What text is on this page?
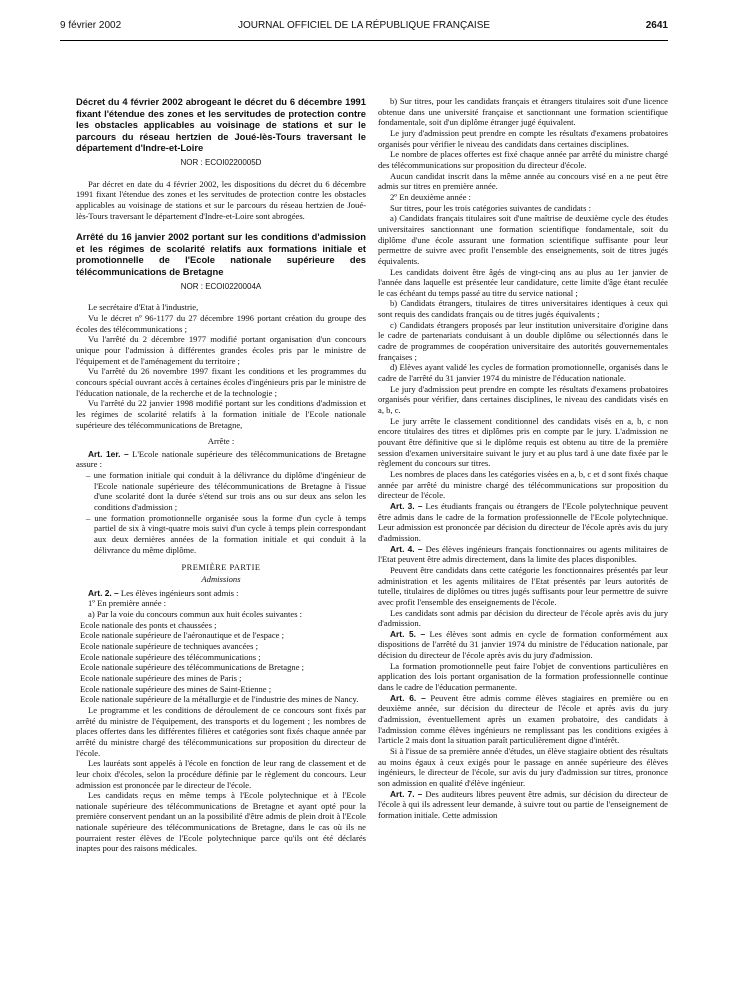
9 février 2002	JOURNAL OFFICIEL DE LA RÉPUBLIQUE FRANÇAISE	2641

Décret du 4 février 2002 abrogeant le décret du 6 décembre 1991 fixant l'étendue des zones et les servitudes de protection contre les obstacles applicables au voisinage de stations et sur le parcours du réseau hertzien de Joué-lès-Tours traversant le département d'Indre-et-Loire

NOR : ECOI0220005D

Par décret en date du 4 février 2002, les dispositions du décret du 6 décembre 1991 fixant l'étendue des zones et les servitudes de protection contre les obstacles applicables au voisinage de stations et sur le parcours du réseau hertzien de Joué-lès-Tours traversant le département d'Indre-et-Loire sont abrogées.

Arrêté du 16 janvier 2002 portant sur les conditions d'admission et les régimes de scolarité relatifs aux formations initiale et promotionnelle de l'Ecole nationale supérieure des télécommunications de Bretagne

NOR : ECOI0220004A

Le secrétaire d'Etat à l'industrie,

Vu le décret nº 96-1177 du 27 décembre 1996 portant création du groupe des écoles des télécommunications ;

Vu l'arrêté du 2 décembre 1977 modifié portant organisation d'un concours unique pour l'admission à différentes grandes écoles pris par le ministre de l'équipement et de l'aménagement du territoire ;

Vu l'arrêté du 26 novembre 1997 fixant les conditions et les programmes du concours spécial ouvrant accès à certaines écoles d'ingénieurs pris par le ministre de l'éducation nationale, de la recherche et de la technologie ;

Vu l'arrêté du 22 janvier 1998 modifié portant sur les conditions d'admission et les régimes de scolarité relatifs à la formation initiale de l'Ecole nationale supérieure des télécommunications de Bretagne,

Arrête :

Art. 1er. – L'Ecole nationale supérieure des télécommunications de Bretagne assure :

– une formation initiale qui conduit à la délivrance du diplôme d'ingénieur de l'Ecole nationale supérieure des télécommunications de Bretagne à l'issue d'une scolarité dont la durée s'étend sur trois ans ou sur deux ans selon les conditions d'admission ;

– une formation promotionnelle organisée sous la forme d'un cycle à temps partiel de six à vingt-quatre mois suivi d'un cycle à temps plein correspondant aux deux dernières années de la formation initiale et qui conduit à la délivrance du même diplôme.

PREMIÈRE PARTIE

Admissions

Art. 2. – Les élèves ingénieurs sont admis :

1º En première année :

a) Par la voie du concours commun aux huit écoles suivantes :

Ecole nationale des ponts et chaussées ;

Ecole nationale supérieure de l'aéronautique et de l'espace ;

Ecole nationale supérieure de techniques avancées ;

Ecole nationale supérieure des télécommunications ;

Ecole nationale supérieure des télécommunications de Bretagne ;

Ecole nationale supérieure des mines de Paris ;

Ecole nationale supérieure des mines de Saint-Etienne ;

Ecole nationale supérieure de la métallurgie et de l'industrie des mines de Nancy.

Le programme et les conditions de déroulement de ce concours sont fixés par arrêté du ministre de l'équipement, des transports et du logement ; les nombres de places offertes dans les différentes filières et catégories sont fixés chaque année par arrêté du ministre chargé des télécommunications sur proposition du directeur de l'école.

Les lauréats sont appelés à l'école en fonction de leur rang de classement et de leur choix d'écoles, selon la procédure définie par le règlement du concours. Leur admission est prononcée par le directeur de l'école.

Les candidats reçus en même temps à l'Ecole polytechnique et à l'Ecole nationale supérieure des télécommunications de Bretagne et ayant opté pour la première conservent pendant un an la possibilité d'être admis de plein droit à l'Ecole nationale supérieure des télécommunications de Bretagne, dans le cas où ils ne pourraient rester élèves de l'Ecole polytechnique parce qu'ils ont été déclarés inaptes pour des raisons médicales.

b) Sur titres, pour les candidats français et étrangers titulaires soit d'une licence obtenue dans une université française et sanctionnant une formation scientifique fondamentale, soit d'un diplôme étranger jugé équivalent.

Le jury d'admission peut prendre en compte les résultats d'examens probatoires organisés pour vérifier le niveau des candidats dans certaines disciplines.

Le nombre de places offertes est fixé chaque année par arrêté du ministre chargé des télécommunications sur proposition du directeur d'école.

Aucun candidat inscrit dans la même année au concours visé en a ne peut être admis sur titres en première année.

2º En deuxième année :

Sur titres, pour les trois catégories suivantes de candidats :

a) Candidats français titulaires soit d'une maîtrise de deuxième cycle des études universitaires sanctionnant une formation scientifique fondamentale, soit du diplôme d'une école assurant une formation scientifique suffisante pour leur permettre de suivre avec profit l'ensemble des enseignements, soit de titres jugés équivalents.

Les candidats doivent être âgés de vingt-cinq ans au plus au 1er janvier de l'année dans laquelle est présentée leur candidature, cette limite d'âge étant reculée le cas échéant du temps passé au titre du service national ;

b) Candidats étrangers, titulaires de titres universitaires identiques à ceux qui sont requis des candidats français ou de titres jugés équivalents ;

c) Candidats étrangers proposés par leur institution universitaire d'origine dans le cadre de partenariats conduisant à un double diplôme ou sélectionnés dans le cadre de programmes de coopération universitaire des autorités gouvernementales françaises ;

d) Elèves ayant validé les cycles de formation promotionnelle, organisés dans le cadre de l'arrêté du 31 janvier 1974 du ministre de l'éducation nationale.

Le jury d'admission peut prendre en compte les résultats d'examens probatoires organisés pour vérifier, dans certaines disciplines, le niveau des candidats visés en a, b, c.

Le jury arrête le classement conditionnel des candidats visés en a, b, c non encore titulaires des titres et diplômes pris en compte par le jury. L'admission ne pouvant être définitive que si le diplôme requis est obtenu au titre de la première session d'examen universitaire suivant le jury et au plus tard à une date fixée par le règlement du concours sur titres.

Les nombres de places dans les catégories visées en a, b, c et d sont fixés chaque année par arrêté du ministre chargé des télécommunications sur proposition du directeur de l'école.

Art. 3. – Les étudiants français ou étrangers de l'Ecole polytechnique peuvent être admis dans le cadre de la formation professionnelle de l'Ecole polytechnique. Leur admission est prononcée par décision du directeur de l'école après avis du jury d'admission.

Art. 4. – Des élèves ingénieurs français fonctionnaires ou agents militaires de l'Etat peuvent être admis directement, dans la limite des places disponibles.

Peuvent être candidats dans cette catégorie les fonctionnaires présentés par leur administration et les agents militaires de l'Etat présentés par leurs autorités de tutelle, titulaires de diplômes ou titres jugés suffisants pour leur permettre de suivre avec profit l'ensemble des enseignements de l'école.

Les candidats sont admis par décision du directeur de l'école après avis du jury d'admission.

Art. 5. – Les élèves sont admis en cycle de formation conformément aux dispositions de l'arrêté du 31 janvier 1974 du ministre de l'éducation nationale, par décision du directeur de l'école après avis du jury d'admission.

La formation promotionnelle peut faire l'objet de conventions particulières en application des lois portant organisation de la formation professionnelle continue dans le cadre de l'éducation permanente.

Art. 6. – Peuvent être admis comme élèves stagiaires en première ou en deuxième année, sur décision du directeur de l'école et après avis du jury d'admission, éventuellement après un examen probatoire, des candidats à l'admission comme élèves ingénieurs ne remplissant pas les conditions exigées à l'article 2 mais dont la situation paraît particulièrement digne d'intérêt.

Si à l'issue de sa première année d'études, un élève stagiaire obtient des résultats au moins égaux à ceux exigés pour le passage en année supérieure des élèves ingénieurs, le directeur de l'école, sur avis du jury d'admission sur titres, prononce son admission en qualité d'élève ingénieur.

Art. 7. – Des auditeurs libres peuvent être admis, sur décision du directeur de l'école à qui ils adressent leur demande, à suivre tout ou partie de l'enseignement de formation initiale. Cette admission
